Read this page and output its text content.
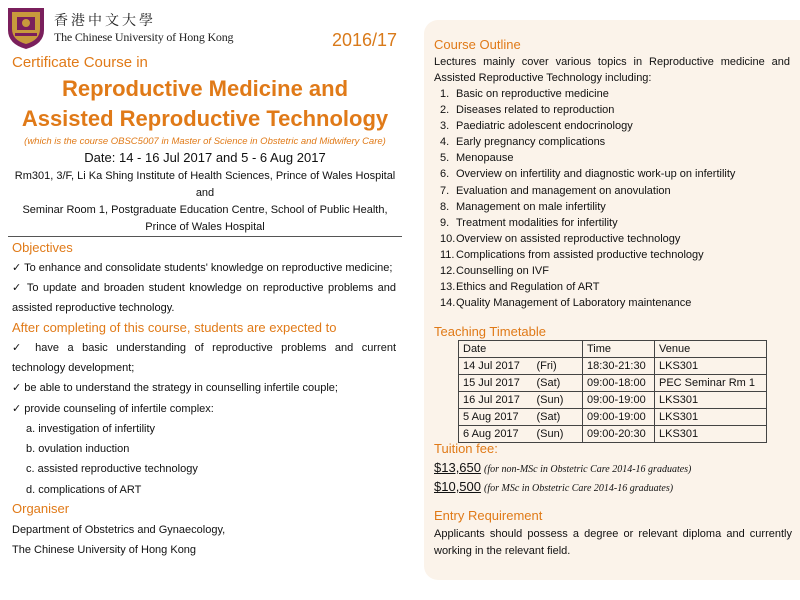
香港中文大學
The Chinese University of Hong Kong	2016/17
Certificate Course in
Reproductive Medicine and
Assisted Reproductive Technology
(which is the course OBSC5007 in Master of Science in Obstetric and Midwifery Care)
Date: 14 - 16 Jul 2017 and 5 - 6 Aug 2017
Rm301, 3/F, Li Ka Shing Institute of Health Sciences, Prince of Wales Hospital
and
Seminar Room 1, Postgraduate Education Centre, School of Public Health,
Prince of Wales Hospital
Objectives
✓ To enhance and consolidate students' knowledge on reproductive medicine;
✓ To update and broaden student knowledge on reproductive problems and assisted reproductive technology.
After completing of this course, students are expected to
✓ have a basic understanding of reproductive problems and current technology development;
✓ be able to understand the strategy in counselling infertile couple;
✓ provide counseling of infertile complex:
a. investigation of infertility
b. ovulation induction
c. assisted reproductive technology
d. complications of ART
Organiser
Department of Obstetrics and Gynaecology,
The Chinese University of Hong Kong
Course Outline
Lectures mainly cover various topics in Reproductive medicine and Assisted Reproductive Technology including:
1. Basic on reproductive medicine
2. Diseases related to reproduction
3. Paediatric adolescent endocrinology
4. Early pregnancy complications
5. Menopause
6. Overview on infertility and diagnostic work-up on infertility
7. Evaluation and management on anovulation
8. Management on male infertility
9. Treatment modalities for infertility
10.Overview on assisted reproductive technology
11. Complications from assisted productive technology
12.Counselling on IVF
13.Ethics and Regulation of ART
14.Quality Management of Laboratory maintenance
Teaching Timetable
Date		Time	Venue
14 Jul 2017	(Fri)	18:30-21:30	LKS301
15 Jul 2017	(Sat)	09:00-18:00	PEC Seminar Rm 1
16 Jul 2017	(Sun)	09:00-19:00	LKS301
5 Aug 2017	(Sat)	09:00-19:00	LKS301
6 Aug 2017	(Sun)	09:00-20:30	LKS301
Tuition fee:
$13,650 (for non-MSc in Obstetric Care 2014-16 graduates)
$10,500 (for MSc in Obstetric Care 2014-16 graduates)
Entry Requirement
Applicants should possess a degree or relevant diploma and currently working in the relevant field.
